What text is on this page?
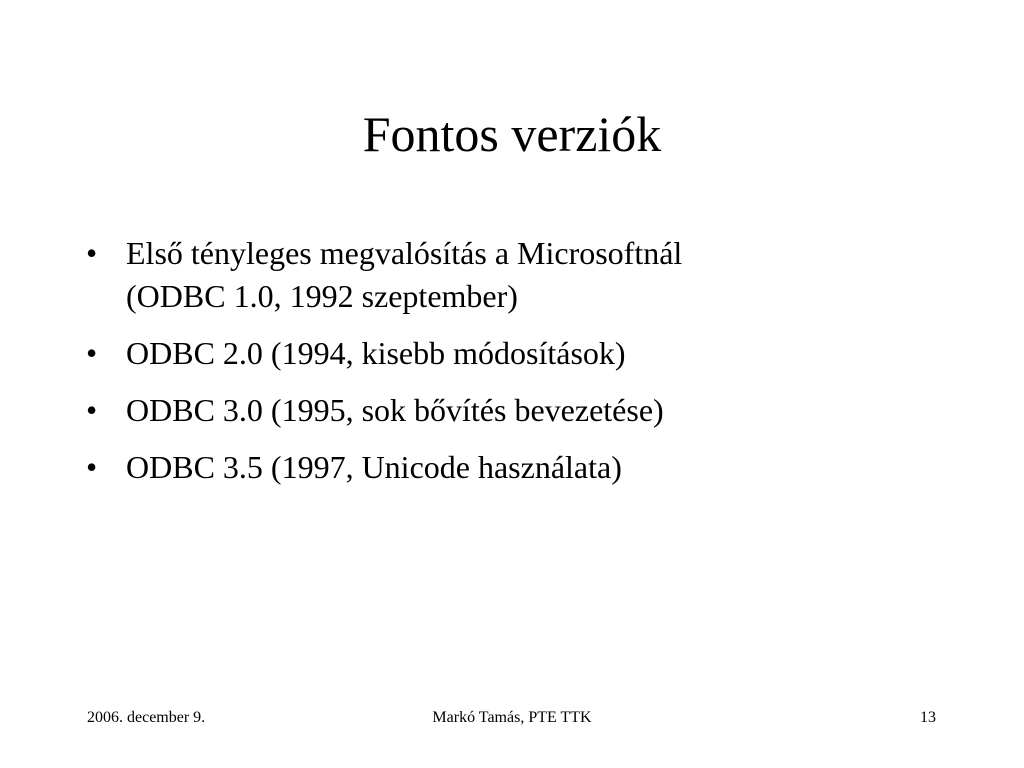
Fontos verziók
• Első tényleges megvalósítás a Microsoftnál
(ODBC 1.0, 1992 szeptember)
• ODBC 2.0 (1994, kisebb módosítások)
• ODBC 3.0 (1995, sok bővítés bevezetése)
• ODBC 3.5 (1997, Unicode használata)
Markó Tamás, PTE TTK
2006. december 9.	13
